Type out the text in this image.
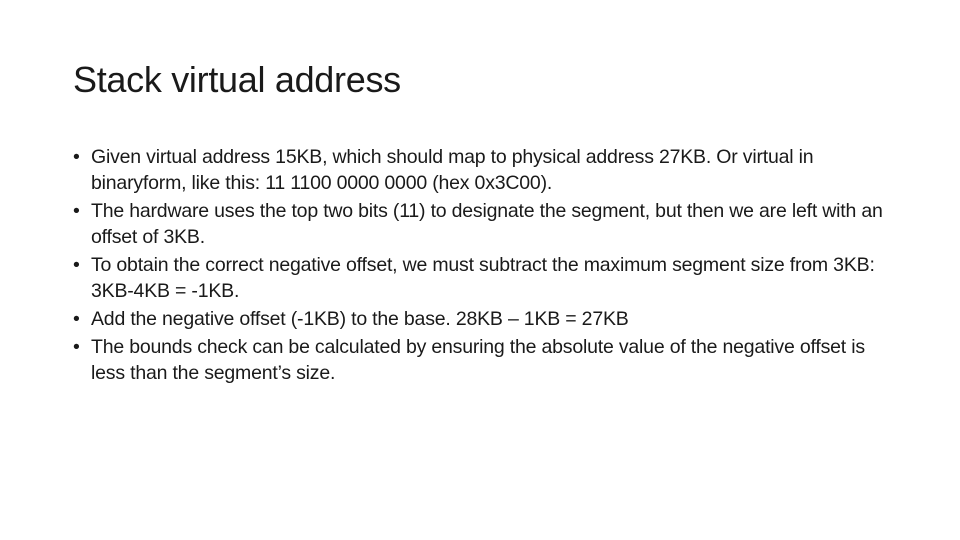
Stack virtual address
• Given virtual address 15KB, which should map to physical address 27KB. Or virtual in binaryform, like this: 11 1100 0000 0000 (hex 0x3C00).
• The hardware uses the top two bits (11) to designate the segment, but then we are left with an offset of 3KB.
• To obtain the correct negative offset, we must subtract the maximum segment size from 3KB: 3KB-4KB = -1KB.
• Add the negative offset (-1KB) to the base. 28KB – 1KB = 27KB
• The bounds check can be calculated by ensuring the absolute value of the negative offset is less than the segment’s size.
